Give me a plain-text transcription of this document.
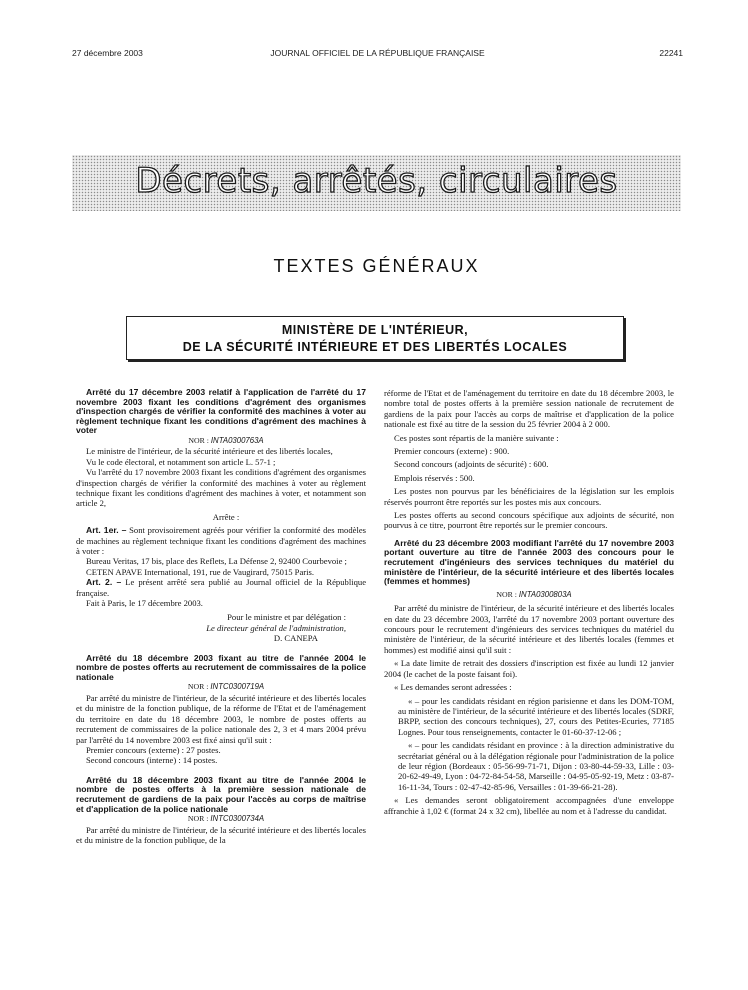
27 décembre 2003	JOURNAL OFFICIEL DE LA RÉPUBLIQUE FRANÇAISE	22241
Décrets, arrêtés, circulaires
TEXTES GÉNÉRAUX
MINISTÈRE DE L'INTÉRIEUR,
DE LA SÉCURITÉ INTÉRIEURE ET DES LIBERTÉS LOCALES

Arrêté du 17 décembre 2003 relatif à l'application de l'arrêté du 17 novembre 2003 fixant les conditions d'agrément des organismes d'inspection chargés de vérifier la conformité des machines à voter au règlement technique fixant les conditions d'agrément des machines à voter

NOR : INTA0300763A

Le ministre de l'intérieur, de la sécurité intérieure et des libertés locales,

Vu le code électoral, et notamment son article L. 57-1 ;

Vu l'arrêté du 17 novembre 2003 fixant les conditions d'agrément des organismes d'inspection chargés de vérifier la conformité des machines à voter au règlement technique fixant les conditions d'agrément des machines à voter, et notamment son article 2,

Arrête :

Art. 1er. – Sont provisoirement agréés pour vérifier la conformité des modèles de machines au règlement technique fixant les conditions d'agrément des machines à voter :

Bureau Veritas, 17 bis, place des Reflets, La Défense 2, 92400 Courbevoie ;

CETEN APAVE International, 191, rue de Vaugirard, 75015 Paris.

Art. 2. – Le présent arrêté sera publié au Journal officiel de la République française.

Fait à Paris, le 17 décembre 2003.

Pour le ministre et par délégation :

Le directeur général de l'administration,

D. CANEPA

Arrêté du 18 décembre 2003 fixant au titre de l'année 2004 le nombre de postes offerts au recrutement de commissaires de la police nationale

NOR : INTC0300719A

Par arrêté du ministre de l'intérieur, de la sécurité intérieure et des libertés locales et du ministre de la fonction publique, de la réforme de l'Etat et de l'aménagement du territoire en date du 18 décembre 2003, le nombre de postes offerts au recrutement de commissaires de la police nationale des 2, 3 et 4 mars 2004 prévu par l'arrêté du 14 novembre 2003 est fixé ainsi qu'il suit :

Premier concours (externe) : 27 postes.

Second concours (interne) : 14 postes.

Arrêté du 18 décembre 2003 fixant au titre de l'année 2004 le nombre de postes offerts à la première session nationale de recrutement de gardiens de la paix pour l'accès au corps de maîtrise et d'application de la police nationale

NOR : INTC0300734A

Par arrêté du ministre de l'intérieur, de la sécurité intérieure et des libertés locales et du ministre de la fonction publique, de la

réforme de l'Etat et de l'aménagement du territoire en date du 18 décembre 2003, le nombre total de postes offerts à la première session nationale de recrutement de gardiens de la paix pour l'accès au corps de maîtrise et d'application de la police nationale est fixé au titre de la session du 25 février 2004 à 2 000.

Ces postes sont répartis de la manière suivante :

Premier concours (externe) : 900.

Second concours (adjoints de sécurité) : 600.

Emplois réservés : 500.

Les postes non pourvus par les bénéficiaires de la législation sur les emplois réservés pourront être reportés sur les postes mis aux concours.

Les postes offerts au second concours spécifique aux adjoints de sécurité, non pourvus à ce titre, pourront être reportés sur le premier concours.

Arrêté du 23 décembre 2003 modifiant l'arrêté du 17 novembre 2003 portant ouverture au titre de l'année 2003 des concours pour le recrutement d'ingénieurs des services techniques du matériel du ministère de l'intérieur, de la sécurité intérieure et des libertés locales (femmes et hommes)

NOR : INTA0300803A

Par arrêté du ministre de l'intérieur, de la sécurité intérieure et des libertés locales en date du 23 décembre 2003, l'arrêté du 17 novembre 2003 portant ouverture des concours pour le recrutement d'ingénieurs des services techniques du matériel du ministère de l'intérieur, de la sécurité intérieure et des libertés locales (femmes et hommes) est modifié ainsi qu'il suit :

« La date limite de retrait des dossiers d'inscription est fixée au lundi 12 janvier 2004 (le cachet de la poste faisant foi).

« Les demandes seront adressées :

« – pour les candidats résidant en région parisienne et dans les DOM-TOM, au ministère de l'intérieur, de la sécurité intérieure et des libertés locales (SDRF, BRPP, section des concours techniques), 27, cours des Petites-Ecuries, 77185 Lognes. Pour tous renseignements, contacter le 01-60-37-12-06 ;

« – pour les candidats résidant en province : à la direction administrative du secrétariat général ou à la délégation régionale pour l'administration de la police de leur région (Bordeaux : 05-56-99-71-71, Dijon : 03-80-44-59-33, Lille : 03-20-62-49-49, Lyon : 04-72-84-54-58, Marseille : 04-95-05-92-19, Metz : 03-87-16-11-34, Tours : 02-47-42-85-96, Versailles : 01-39-66-21-28).

« Les demandes seront obligatoirement accompagnées d'une enveloppe affranchie à 1,02 € (format 24 x 32 cm), libellée au nom et à l'adresse du candidat.
